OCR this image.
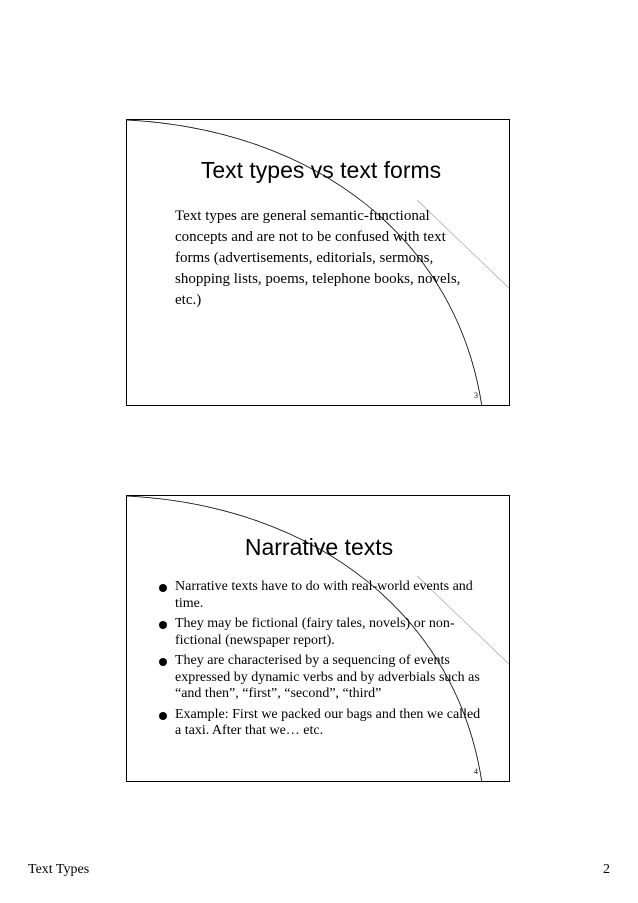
Text types vs text forms

Text types are general semantic-functional concepts and are not to be confused with text forms (advertisements, editorials, sermons, shopping lists, poems, telephone books, novels, etc.)

3
Narrative texts
Narrative texts have to do with real-world events and time.
They may be fictional (fairy tales, novels) or non-fictional (newspaper report).
They are characterised by a sequencing of events expressed by dynamic verbs and by adverbials such as “and then”, “first”, “second”, “third”
Example: First we packed our bags and then we called a taxi. After that we… etc.
4
Text Types	2
